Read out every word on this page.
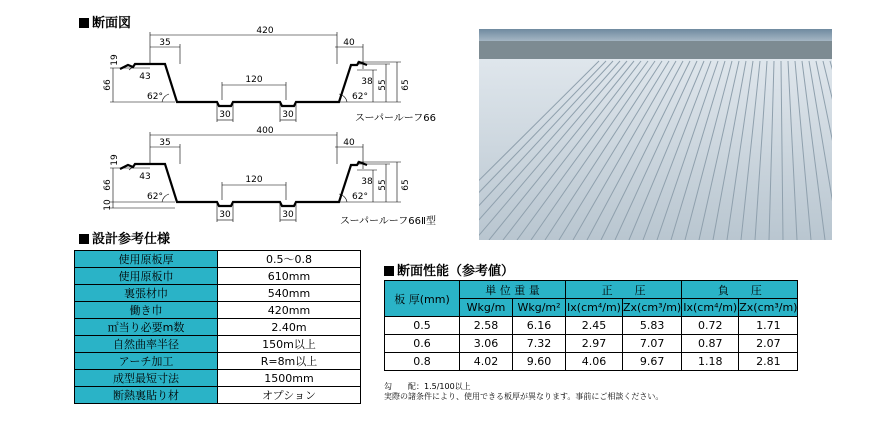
断面図	420
35	40
120
30	30
19
43
66	38 55 65
62°	62°
スーパールーフ66
400
35	40
120
30	30
19
43
66
10
38 55 65
62°	62°
スーパールーフ66Ⅱ型
設計参考仕様
使用原板厚	0.5～0.8
使用原板巾	610mm
裏張材巾	540mm
働き巾	420mm
㎡当り必要m数	2.40m
自然曲率半径	150m以上
アーチ加工	R=8m以上
成型最短寸法	1500mm
断熱裏貼り材	オプション
断面性能（参考値）
板 厚(mm)	単 位 重 量		正　　圧		負　　圧	
	Wkg/m	Wkg/m²	Ix(cm⁴/m)	Zx(cm³/m)	Ix(cm⁴/m)	Zx(cm³/m)
0.5	2.58	6.16	2.45	5.83	0.72	1.71
0.6	3.06	7.32	2.97	7.07	0.87	2.07
0.8	4.02	9.60	4.06	9.67	1.18	2.81
勾　　配：1.5/100以上
実際の諸条件により、使用できる板厚が異なります。事前にご相談ください。
